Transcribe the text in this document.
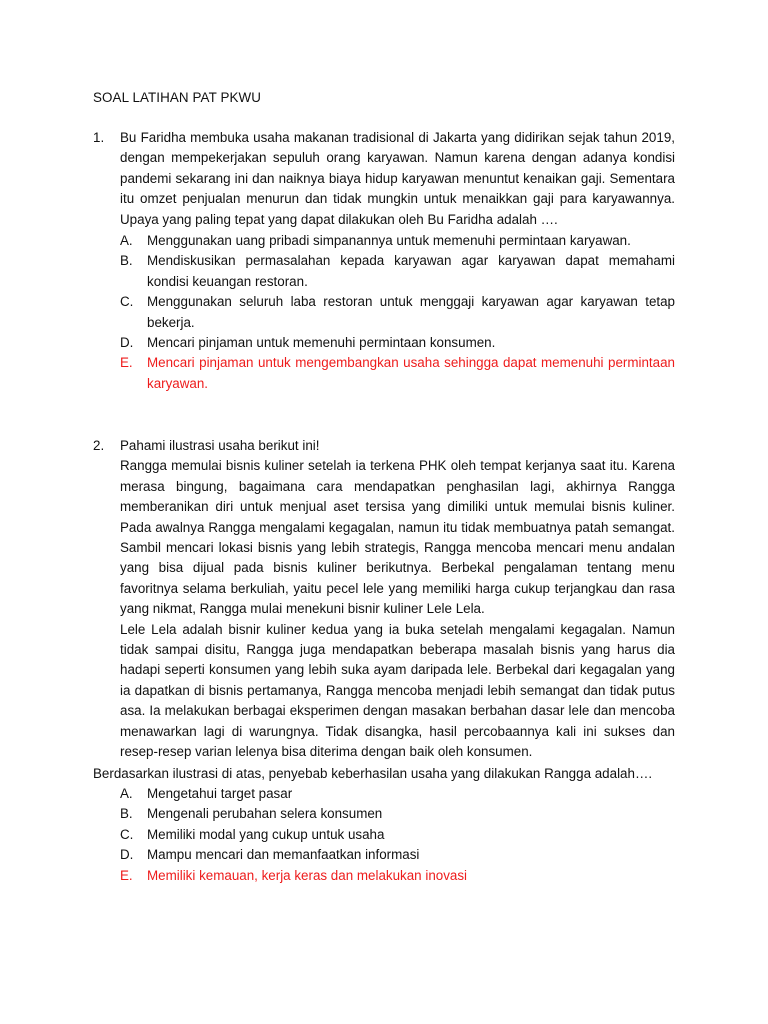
SOAL LATIHAN PAT PKWU
1. Bu Faridha membuka usaha makanan tradisional di Jakarta yang didirikan sejak tahun 2019, dengan mempekerjakan sepuluh orang karyawan. Namun karena dengan adanya kondisi pandemi sekarang ini dan naiknya biaya hidup karyawan menuntut kenaikan gaji. Sementara itu omzet penjualan menurun dan tidak mungkin untuk menaikkan gaji para karyawannya. Upaya yang paling tepat yang dapat dilakukan oleh Bu Faridha adalah ….
A. Menggunakan uang pribadi simpanannya untuk memenuhi permintaan karyawan.
B. Mendiskusikan permasalahan kepada karyawan agar karyawan dapat memahami kondisi keuangan restoran.
C. Menggunakan seluruh laba restoran untuk menggaji karyawan agar karyawan tetap bekerja.
D. Mencari pinjaman untuk memenuhi permintaan konsumen.
E. Mencari pinjaman untuk mengembangkan usaha sehingga dapat memenuhi permintaan karyawan.
2. Pahami ilustrasi usaha berikut ini!
Rangga memulai bisnis kuliner setelah ia terkena PHK oleh tempat kerjanya saat itu. Karena merasa bingung, bagaimana cara mendapatkan penghasilan lagi, akhirnya Rangga memberanikan diri untuk menjual aset tersisa yang dimiliki untuk memulai bisnis kuliner. Pada awalnya Rangga mengalami kegagalan, namun itu tidak membuatnya patah semangat. Sambil mencari lokasi bisnis yang lebih strategis, Rangga mencoba mencari menu andalan yang bisa dijual pada bisnis kuliner berikutnya. Berbekal pengalaman tentang menu favoritnya selama berkuliah, yaitu pecel lele yang memiliki harga cukup terjangkau dan rasa yang nikmat, Rangga mulai menekuni bisnir kuliner Lele Lela.
Lele Lela adalah bisnir kuliner kedua yang ia buka setelah mengalami kegagalan. Namun tidak sampai disitu, Rangga juga mendapatkan beberapa masalah bisnis yang harus dia hadapi seperti konsumen yang lebih suka ayam daripada lele. Berbekal dari kegagalan yang ia dapatkan di bisnis pertamanya, Rangga mencoba menjadi lebih semangat dan tidak putus asa. Ia melakukan berbagai eksperimen dengan masakan berbahan dasar lele dan mencoba menawarkan lagi di warungnya. Tidak disangka, hasil percobaannya kali ini sukses dan resep-resep varian lelenya bisa diterima dengan baik oleh konsumen.
Berdasarkan ilustrasi di atas, penyebab keberhasilan usaha yang dilakukan Rangga adalah….
A. Mengetahui target pasar
B. Mengenali perubahan selera konsumen
C. Memiliki modal yang cukup untuk usaha
D. Mampu mencari dan memanfaatkan informasi
E. Memiliki kemauan, kerja keras dan melakukan inovasi
